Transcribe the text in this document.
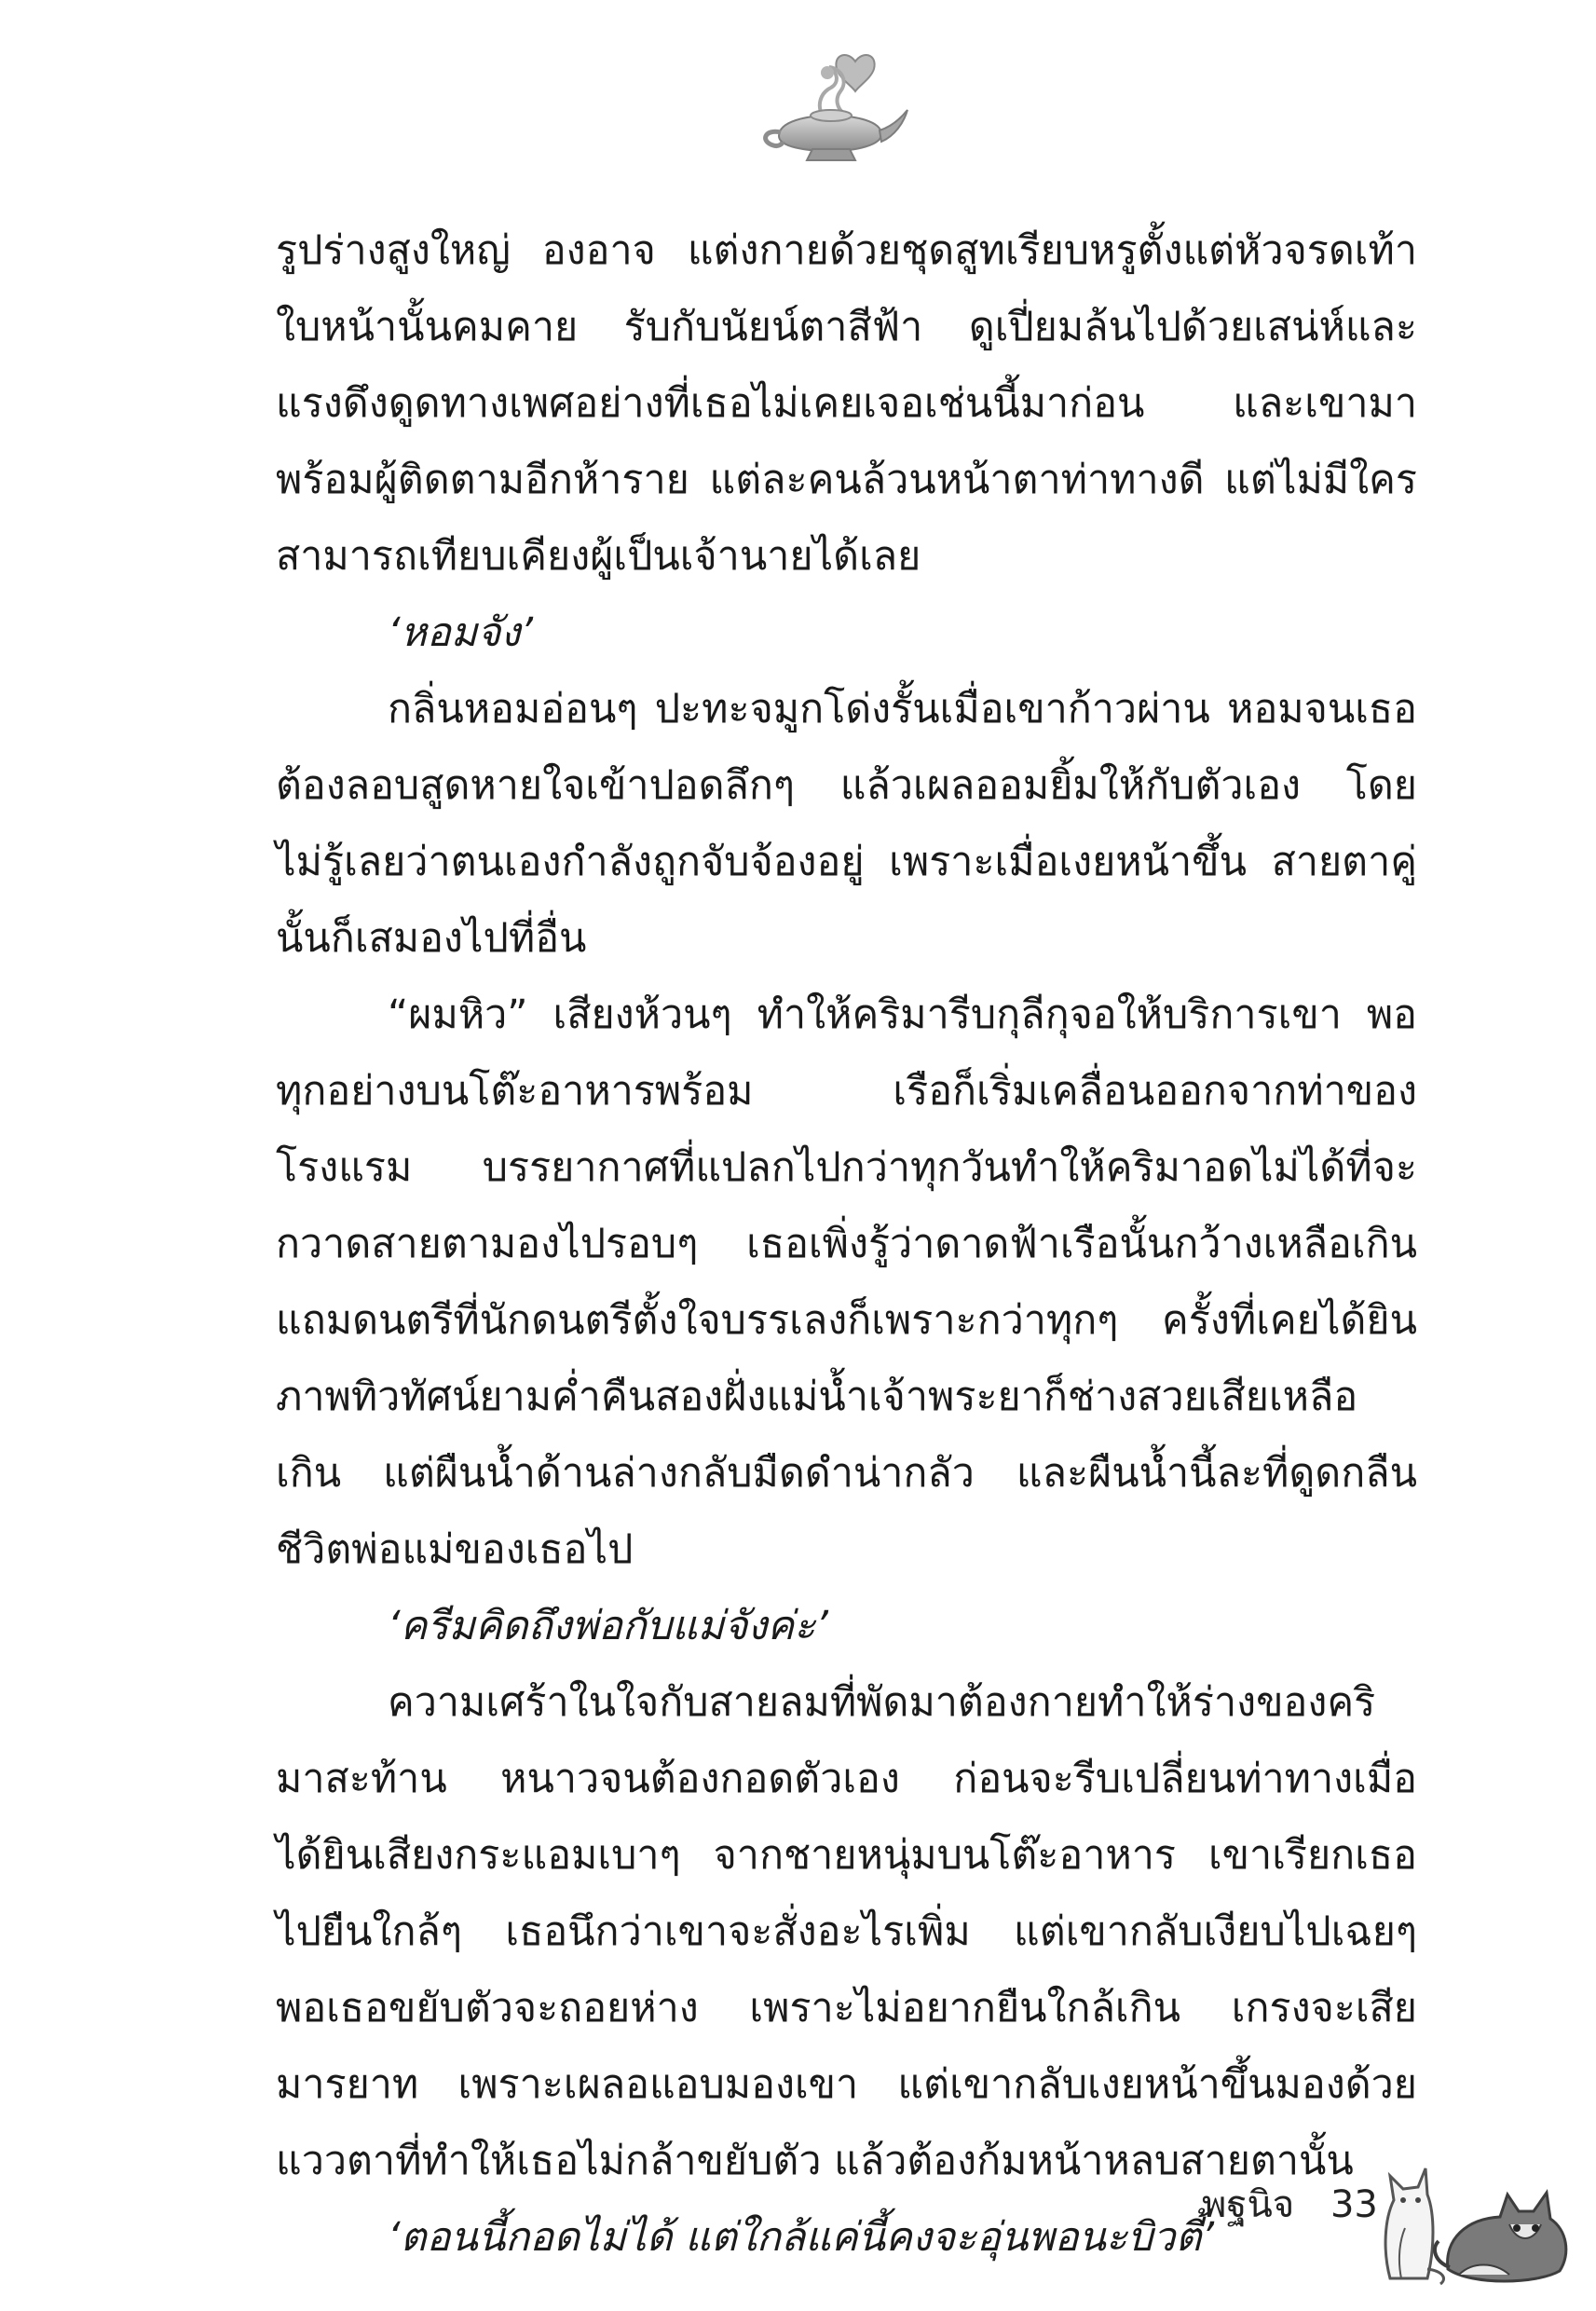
รูปร่างสูงใหญ่ องอาจ แต่งกายด้วยชุดสูทเรียบหรูตั้งแต่หัวจรดเท้า ใบหน้านั้นคมคาย รับกับนัยน์ตาสีฟ้า ดูเปี่ยมล้นไปด้วยเสน่ห์และแรงดึงดูดทางเพศอย่างที่เธอไม่เคยเจอเช่นนี้มาก่อน และเขามาพร้อมผู้ติดตามอีกห้าราย แต่ละคนล้วนหน้าตาท่าทางดี แต่ไม่มีใครสามารถเทียบเคียงผู้เป็นเจ้านายได้เลย

‘หอมจัง’

กลิ่นหอมอ่อนๆ ปะทะจมูกโด่งรั้นเมื่อเขาก้าวผ่าน หอมจนเธอต้องลอบสูดหายใจเข้าปอดลึกๆ แล้วเผลออมยิ้มให้กับตัวเอง โดยไม่รู้เลยว่าตนเองกำลังถูกจับจ้องอยู่ เพราะเมื่อเงยหน้าขึ้น สายตาคู่นั้นก็เสมองไปที่อื่น

“ผมหิว” เสียงห้วนๆ ทำให้คริมารีบกุลีกุจอให้บริการเขา พอทุกอย่างบนโต๊ะอาหารพร้อม เรือก็เริ่มเคลื่อนออกจากท่าของโรงแรม บรรยากาศที่แปลกไปกว่าทุกวันทำให้คริมาอดไม่ได้ที่จะกวาดสายตามองไปรอบๆ เธอเพิ่งรู้ว่าดาดฟ้าเรือนั้นกว้างเหลือเกิน แถมดนตรีที่นักดนตรีตั้งใจบรรเลงก็เพราะกว่าทุกๆ ครั้งที่เคยได้ยิน ภาพทิวทัศน์ยามค่ำคืนสองฝั่งแม่น้ำเจ้าพระยาก็ช่างสวยเสียเหลือเกิน แต่ผืนน้ำด้านล่างกลับมืดดำน่ากลัว และผืนน้ำนี้ละที่ดูดกลืนชีวิตพ่อแม่ของเธอไป

‘ครีมคิดถึงพ่อกับแม่จังค่ะ’

ความเศร้าในใจกับสายลมที่พัดมาต้องกายทำให้ร่างของคริมาสะท้าน หนาวจนต้องกอดตัวเอง ก่อนจะรีบเปลี่ยนท่าทางเมื่อได้ยินเสียงกระแอมเบาๆ จากชายหนุ่มบนโต๊ะอาหาร เขาเรียกเธอไปยืนใกล้ๆ เธอนึกว่าเขาจะสั่งอะไรเพิ่ม แต่เขากลับเงียบไปเฉยๆ พอเธอขยับตัวจะถอยห่าง เพราะไม่อยากยืนใกล้เกิน เกรงจะเสียมารยาท เพราะเผลอแอบมองเขา แต่เขากลับเงยหน้าขึ้นมองด้วยแววตาที่ทำให้เธอไม่กล้าขยับตัว แล้วต้องก้มหน้าหลบสายตานั้น

‘ตอนนี้กอดไม่ได้ แต่ใกล้แค่นี้คงจะอุ่นพอนะบิวตี้’

พฐนิจ 33
